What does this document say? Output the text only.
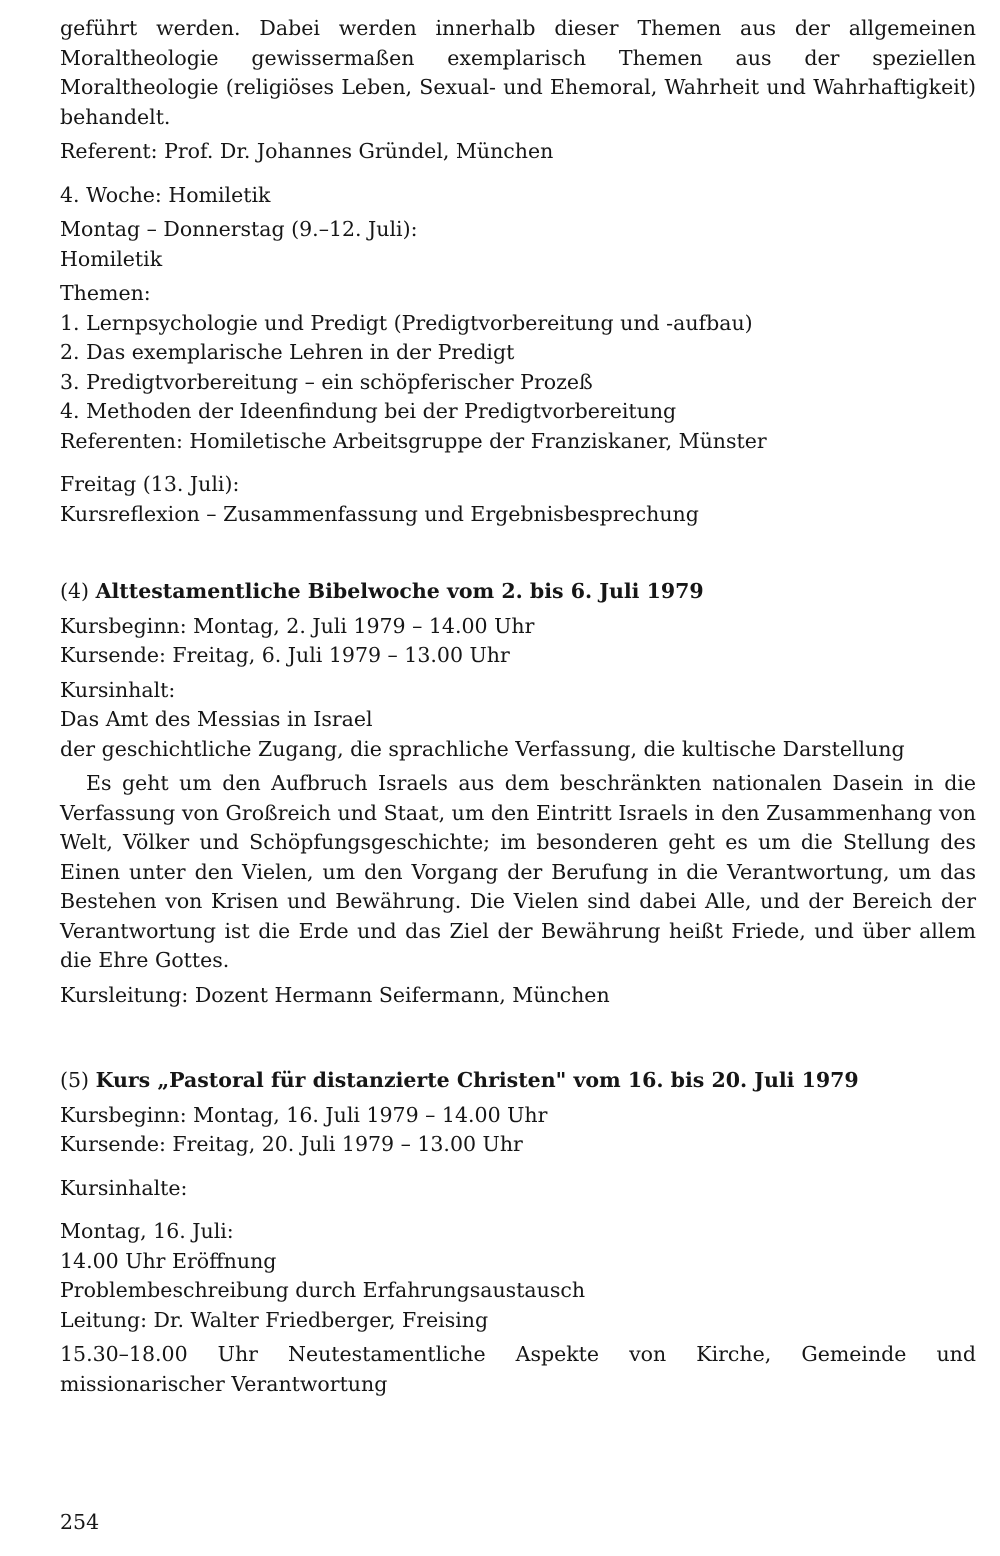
geführt werden. Dabei werden innerhalb dieser Themen aus der allgemeinen Moraltheologie gewissermaßen exemplarisch Themen aus der speziellen Moraltheologie (religiöses Leben, Sexual- und Ehemoral, Wahrheit und Wahrhaftigkeit) behandelt.

Referent: Prof. Dr. Johannes Gründel, München

4. Woche: Homiletik

Montag – Donnerstag (9.–12. Juli):

Homiletik

Themen:

1. Lernpsychologie und Predigt (Predigtvorbereitung und -aufbau)

2. Das exemplarische Lehren in der Predigt

3. Predigtvorbereitung – ein schöpferischer Prozeß

4. Methoden der Ideenfindung bei der Predigtvorbereitung

Referenten: Homiletische Arbeitsgruppe der Franziskaner, Münster

Freitag (13. Juli):

Kursreflexion – Zusammenfassung und Ergebnisbesprechung

(4) Alttestamentliche Bibelwoche vom 2. bis 6. Juli 1979

Kursbeginn: Montag, 2. Juli 1979 – 14.00 Uhr

Kursende: Freitag, 6. Juli 1979 – 13.00 Uhr

Kursinhalt:

Das Amt des Messias in Israel

der geschichtliche Zugang, die sprachliche Verfassung, die kultische Darstellung

Es geht um den Aufbruch Israels aus dem beschränkten nationalen Dasein in die Verfassung von Großreich und Staat, um den Eintritt Israels in den Zusammenhang von Welt, Völker und Schöpfungsgeschichte; im besonderen geht es um die Stellung des Einen unter den Vielen, um den Vorgang der Berufung in die Verantwortung, um das Bestehen von Krisen und Bewährung. Die Vielen sind dabei Alle, und der Bereich der Verantwortung ist die Erde und das Ziel der Bewährung heißt Friede, und über allem die Ehre Gottes.

Kursleitung: Dozent Hermann Seifermann, München

(5) Kurs „Pastoral für distanzierte Christen" vom 16. bis 20. Juli 1979

Kursbeginn: Montag, 16. Juli 1979 – 14.00 Uhr

Kursende: Freitag, 20. Juli 1979 – 13.00 Uhr

Kursinhalte:

Montag, 16. Juli:

14.00 Uhr Eröffnung

Problembeschreibung durch Erfahrungsaustausch

Leitung: Dr. Walter Friedberger, Freising

15.30–18.00 Uhr Neutestamentliche Aspekte von Kirche, Gemeinde und missionarischer Verantwortung

254
